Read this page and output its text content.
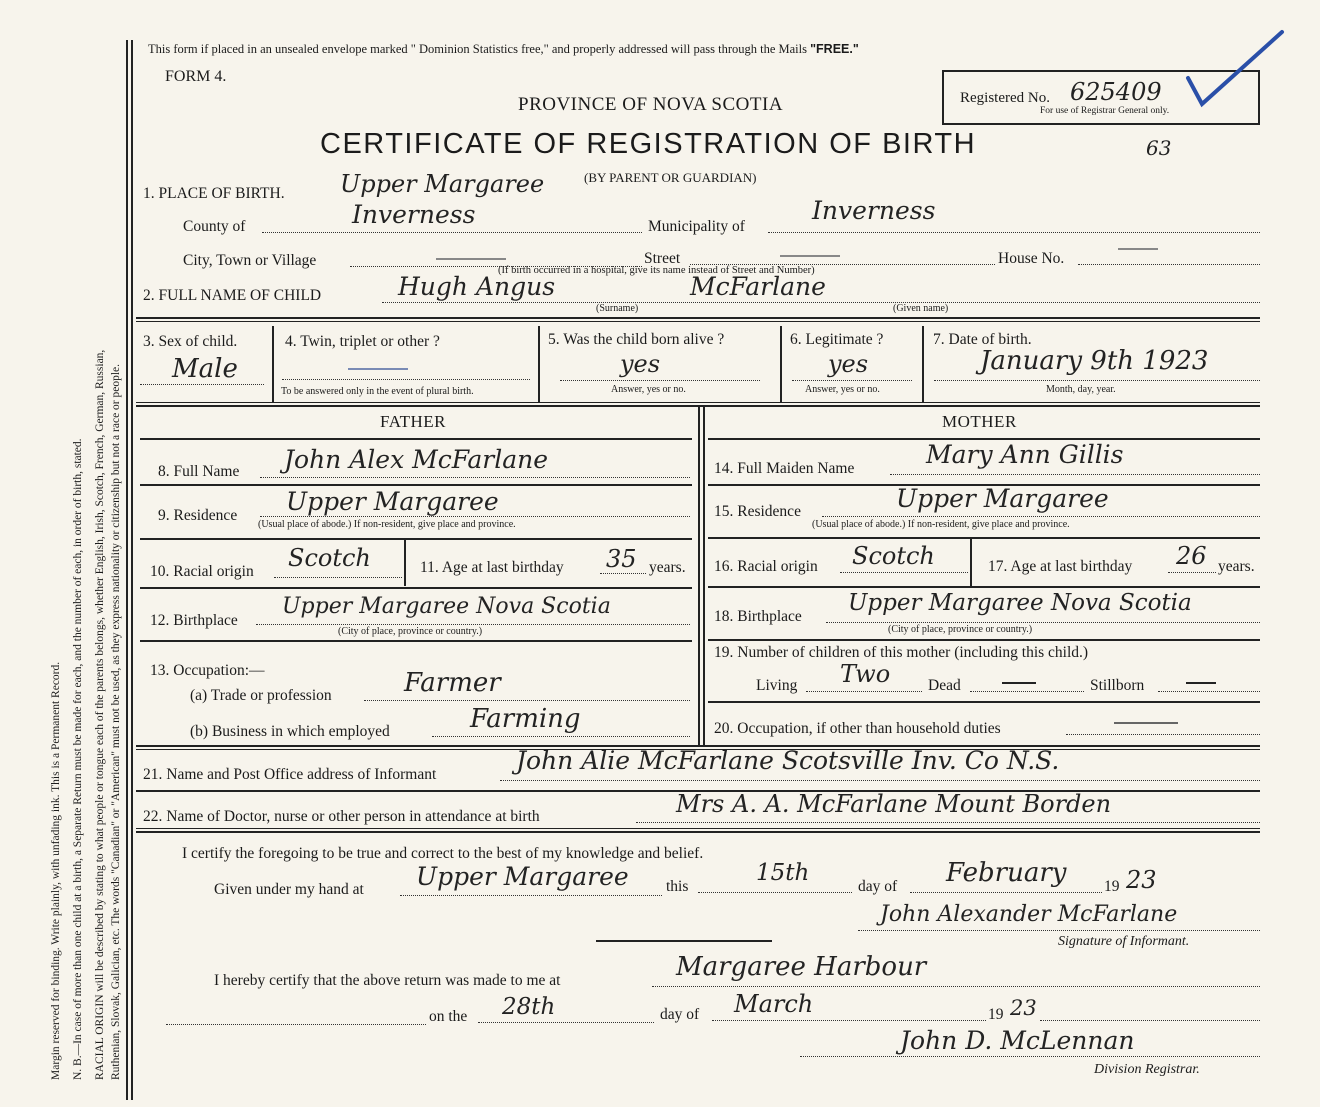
Margin reserved for binding. Write plainly, with unfading ink. This is a Permanent Record. N. B.—In case of more than one child at a birth, a Separate Return must be made for each, and the number of each, in order of birth, stated. RACIAL ORIGIN will be described by stating to what people or tongue each of the parents belongs, whether English, Irish, Scotch, French, German, Russian, Ruthenian, Slovak, Galician, etc. The words "Canadian" or "American" must not be used, as they express nationality or citizenship but not a race or people.
This form if placed in an unsealed envelope marked " Dominion Statistics free," and properly addressed will pass through the Mails "FREE."
FORM 4.
PROVINCE OF NOVA SCOTIA
CERTIFICATE OF REGISTRATION OF BIRTH
(BY PARENT OR GUARDIAN)
Registered No. 625409
For use of Registrar General only.
63
1. PLACE OF BIRTH. Upper Margaree
County of	Inverness	Municipality of
Inverness
City, Town or Village	Street	House No.
(If birth occurred in a hospital, give its name instead of Street and Number)
2. FULL NAME OF CHILD	Hugh Angus	McFarlane
(Surname)	(Given name)
3. Sex of child.
Male
4. Twin, triplet or other ?
To be answered only in the event of plural birth.
5. Was the child born alive ?
yes
Answer, yes or no.
6. Legitimate ?
yes
Answer, yes or no.
7. Date of birth.
January 9th 1923
Month, day, year.
FATHER	MOTHER
8. Full Name John Alex McFarlane
9. Residence Upper Margaree
(Usual place of abode.) If non-resident, give place and province.
10. Racial origin Scotch	11. Age at last birthday 35 years.
12. Birthplace
Upper Margaree Nova Scotia
(City of place, province or country.)
13. Occupation:—
(a) Trade or profession	Farmer
(b) Business in which employed	Farming
14. Full Maiden Name	Mary Ann Gillis
15. Residence	Upper Margaree
(Usual place of abode.) If non-resident, give place and province.
16. Racial origin Scotch	17. Age at last birthday 26 years.
18. Birthplace
Upper Margaree Nova Scotia
(City of place, province or country.)
19. Number of children of this mother (including this child.)
Living Two Dead	Stillborn
20. Occupation, if other than household duties
21. Name and Post Office address of Informant	John Alie McFarlane Scotsville Inv. Co N.S.
22. Name of Doctor, nurse or other person in attendance at birth	Mrs A. A. McFarlane Mount Borden
I certify the foregoing to be true and correct to the best of my knowledge and belief.
Given under my hand at Upper Margaree this
15th
day of February 19 23
John Alexander McFarlane
Signature of Informant.
I hereby certify that the above return was made to me at	Margaree Harbour
on the 28th	day of March	19 23
John D. McLennan
Division Registrar.
